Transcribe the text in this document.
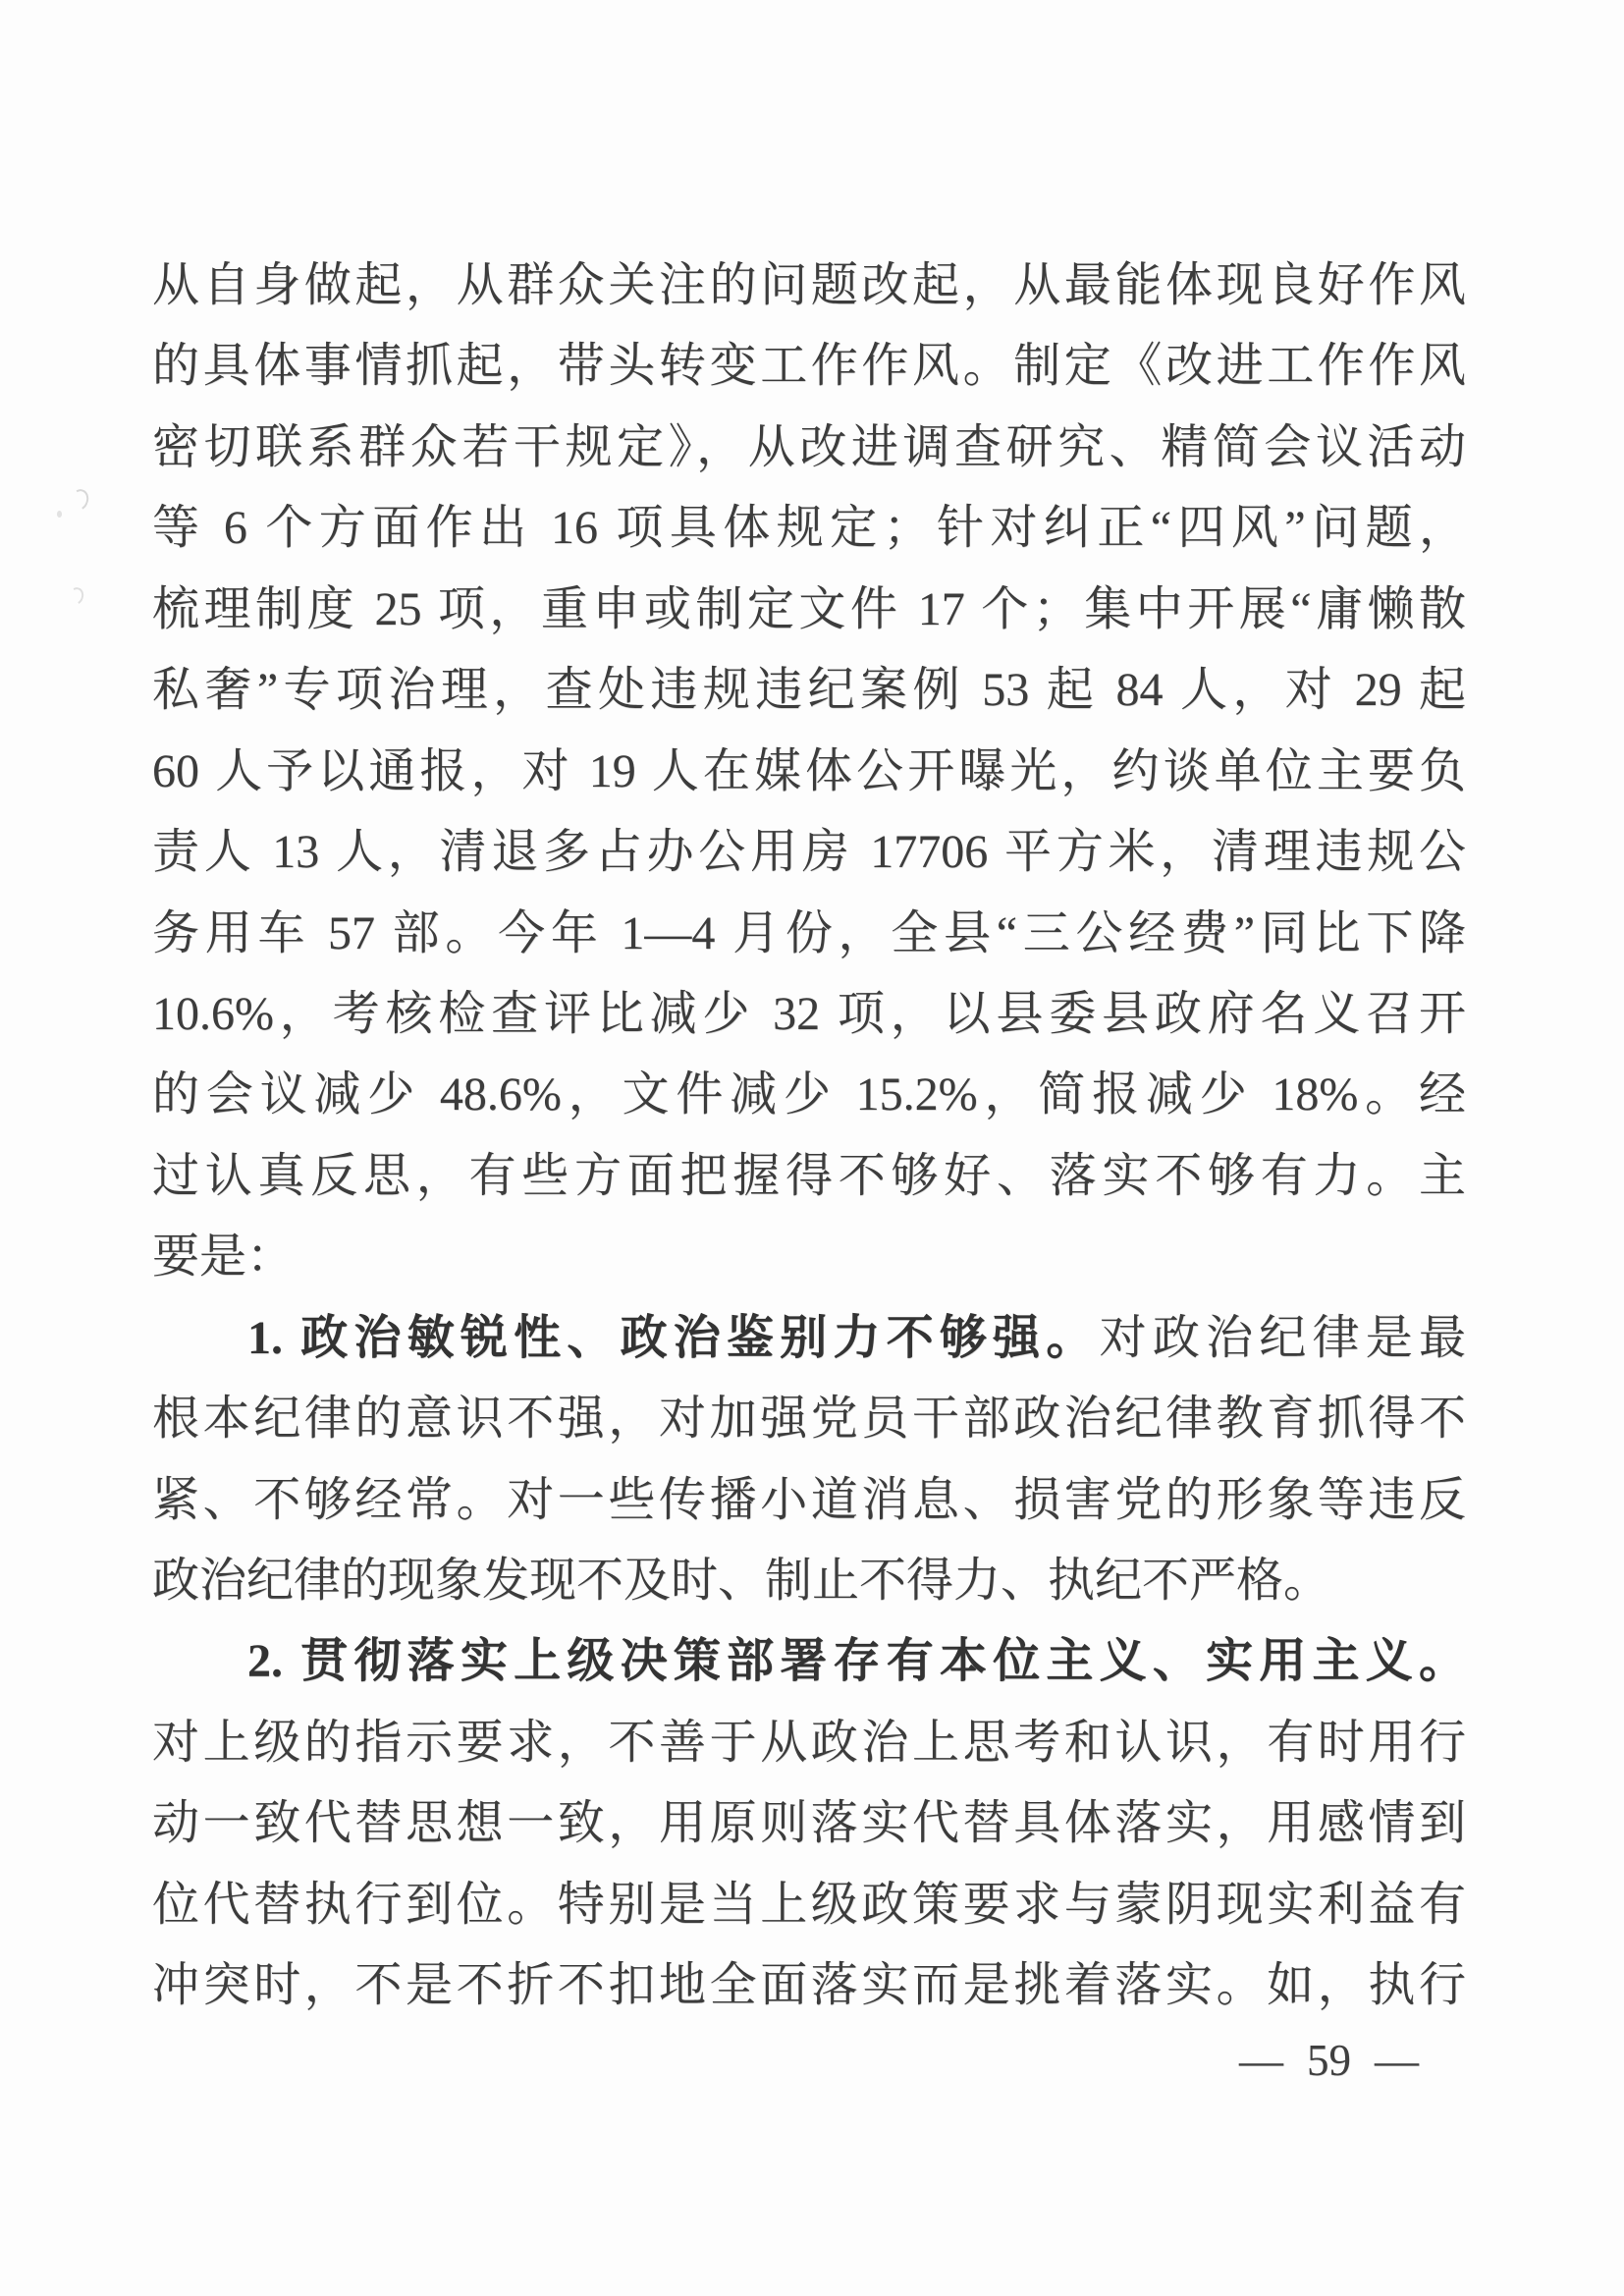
从自身做起，从群众关注的问题改起，从最能体现良好作风

的具体事情抓起，带头转变工作作风。制定《改进工作作风

密切联系群众若干规定》，从改进调查研究、精简会议活动

等 6 个方面作出 16 项具体规定；针对纠正“四风”问题，

梳理制度 25 项，重申或制定文件 17 个；集中开展“庸懒散

私奢”专项治理，查处违规违纪案例 53 起 84 人，对 29 起

60 人予以通报，对 19 人在媒体公开曝光，约谈单位主要负

责人 13 人，清退多占办公用房 17706 平方米，清理违规公

务用车 57 部。今年 1—4 月份，全县“三公经费”同比下降

10.6%，考核检查评比减少 32 项，以县委县政府名义召开

的会议减少 48.6%，文件减少 15.2%，简报减少 18%。经

过认真反思，有些方面把握得不够好、落实不够有力。主

要是：

1. 政治敏锐性、政治鉴别力不够强。对政治纪律是最

根本纪律的意识不强，对加强党员干部政治纪律教育抓得不

紧、不够经常。对一些传播小道消息、损害党的形象等违反

政治纪律的现象发现不及时、制止不得力、执纪不严格。

2. 贯彻落实上级决策部署存有本位主义、实用主义。

对上级的指示要求，不善于从政治上思考和认识，有时用行

动一致代替思想一致，用原则落实代替具体落实，用感情到

位代替执行到位。特别是当上级政策要求与蒙阴现实利益有

冲突时，不是不折不扣地全面落实而是挑着落实。如，执行

— 59 —
